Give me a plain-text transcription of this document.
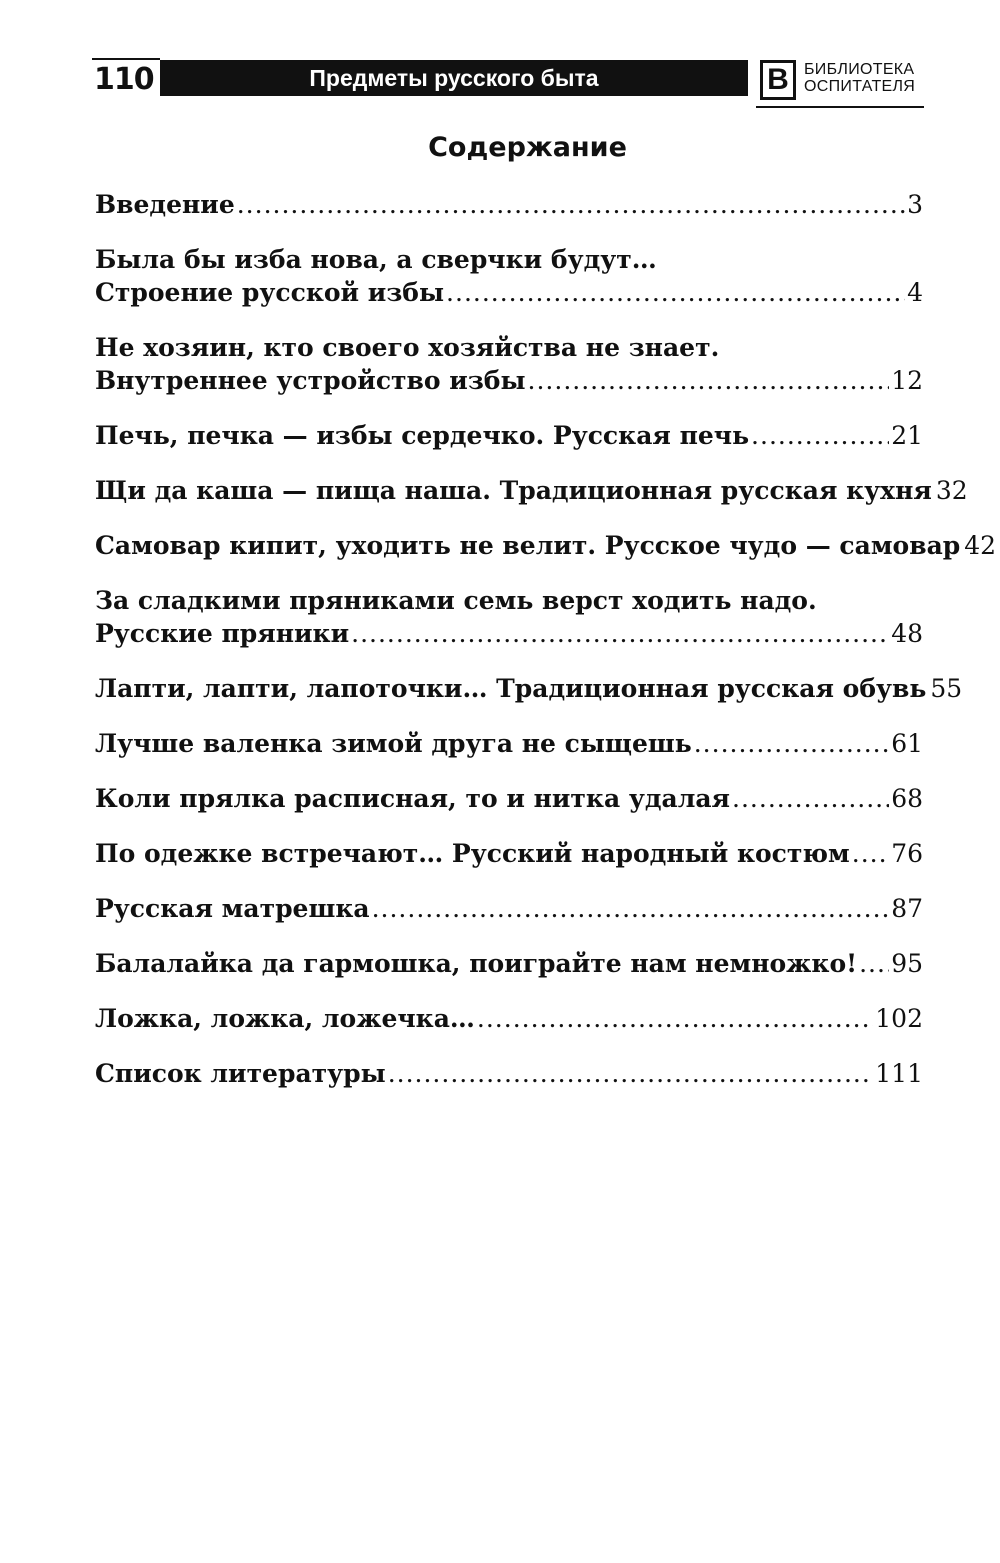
110	Предметы русского быта	В БИБЛИОТЕКА
ОСПИТАТЕЛЯ
Содержание
Введение .....	3
Была бы изба нова, а сверчки будут…
Строение русской избы .....	4
Не хозяин, кто своего хозяйства не знает.
Внутреннее устройство избы .....	12
Печь, печка — избы сердечко. Русская печь .....	21
Щи да каша — пища наша. Традиционная русская кухня 32
Самовар кипит, уходить не велит. Русское чудо — самовар 42
За сладкими пряниками семь верст ходить надо.
Русские пряники .....	48
Лапти, лапти, лапоточки… Традиционная русская обувь 55
Лучше валенка зимой друга не сыщешь .....	61
Коли прялка расписная, то и нитка удалая .....	68
По одежке встречают… Русский народный костюм ..... 76
Русская матрешка .....	87
Балалайка да гармошка, поиграйте нам немножко! ..... 95
Ложка, ложка, ложечка… .....	102
Список литературы .....	111
